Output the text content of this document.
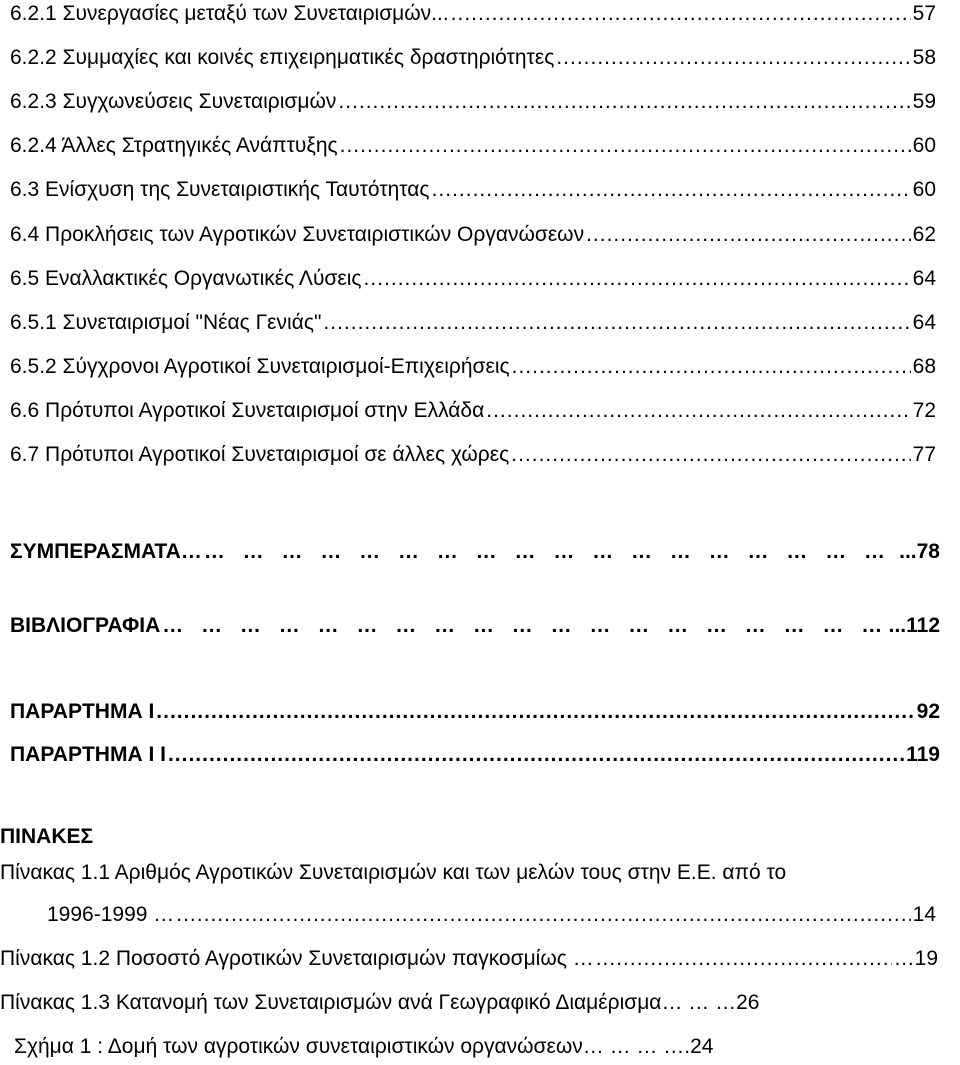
6.2.1 Συνεργασίες μεταξύ των Συνεταιρισμών... .....	57
6.2.2 Συμμαχίες και κοινές επιχειρηματικές δραστηριότητες .....	58
6.2.3 Συγχωνεύσεις Συνεταιρισμών .....	59
6.2.4 Άλλες Στρατηγικές Ανάπτυξης .....	60
6.3 Ενίσχυση της Συνεταιριστικής Ταυτότητας .....	60
6.4 Προκλήσεις των Αγροτικών Συνεταιριστικών Οργανώσεων .....	62
6.5 Εναλλακτικές Οργανωτικές Λύσεις .....	64
6.5.1 Συνεταιρισμοί "Νέας Γενιάς" .....	64
6.5.2 Σύγχρονοι Αγροτικοί Συνεταιρισμοί-Επιχειρήσεις .....	68
6.6 Πρότυποι Αγροτικοί Συνεταιρισμοί στην Ελλάδα .....	72
6.7 Πρότυποι Αγροτικοί Συνεταιρισμοί σε άλλες χώρες .....	77
ΣΥΜΠΕΡΑΣΜΑΤΑ… … … … … … … … … … … … … … … … … … … … … … … … … … … … … … … … … … … … … … … … … … … … … … … … … … … … … … … … … … … … … … … … … … … … … … … … …	...78
ΒΙΒΛΙΟΓΡΑΦΙΑ … … … … … … … … … … … … … … … … … … … … … … … … … … … … … … … … … … … … … … … … … … … … … … … … … … … … … … … … … … … … … … … … … … … … … … … …	...112
ΠΑΡΑΡΤΗΜΑ Ι .....	92
ΠΑΡΑΡΤΗΜΑ Ι Ι .....	119
ΠΙΝΑΚΕΣ
Πίνακας 1.1 Αριθμός Αγροτικών Συνεταιρισμών και των μελών τους στην Ε.Ε. από το
1996-1999 … .....	14
Πίνακας 1.2 Ποσοστό Αγροτικών Συνεταιρισμών παγκοσμίως … .....	…19
Πίνακας 1.3 Κατανομή των Συνεταιρισμών ανά Γεωγραφικό Διαμέρισμα… … … 26
Σχήμα 1 : Δομή των αγροτικών συνεταιριστικών οργανώσεων… … … … .24
